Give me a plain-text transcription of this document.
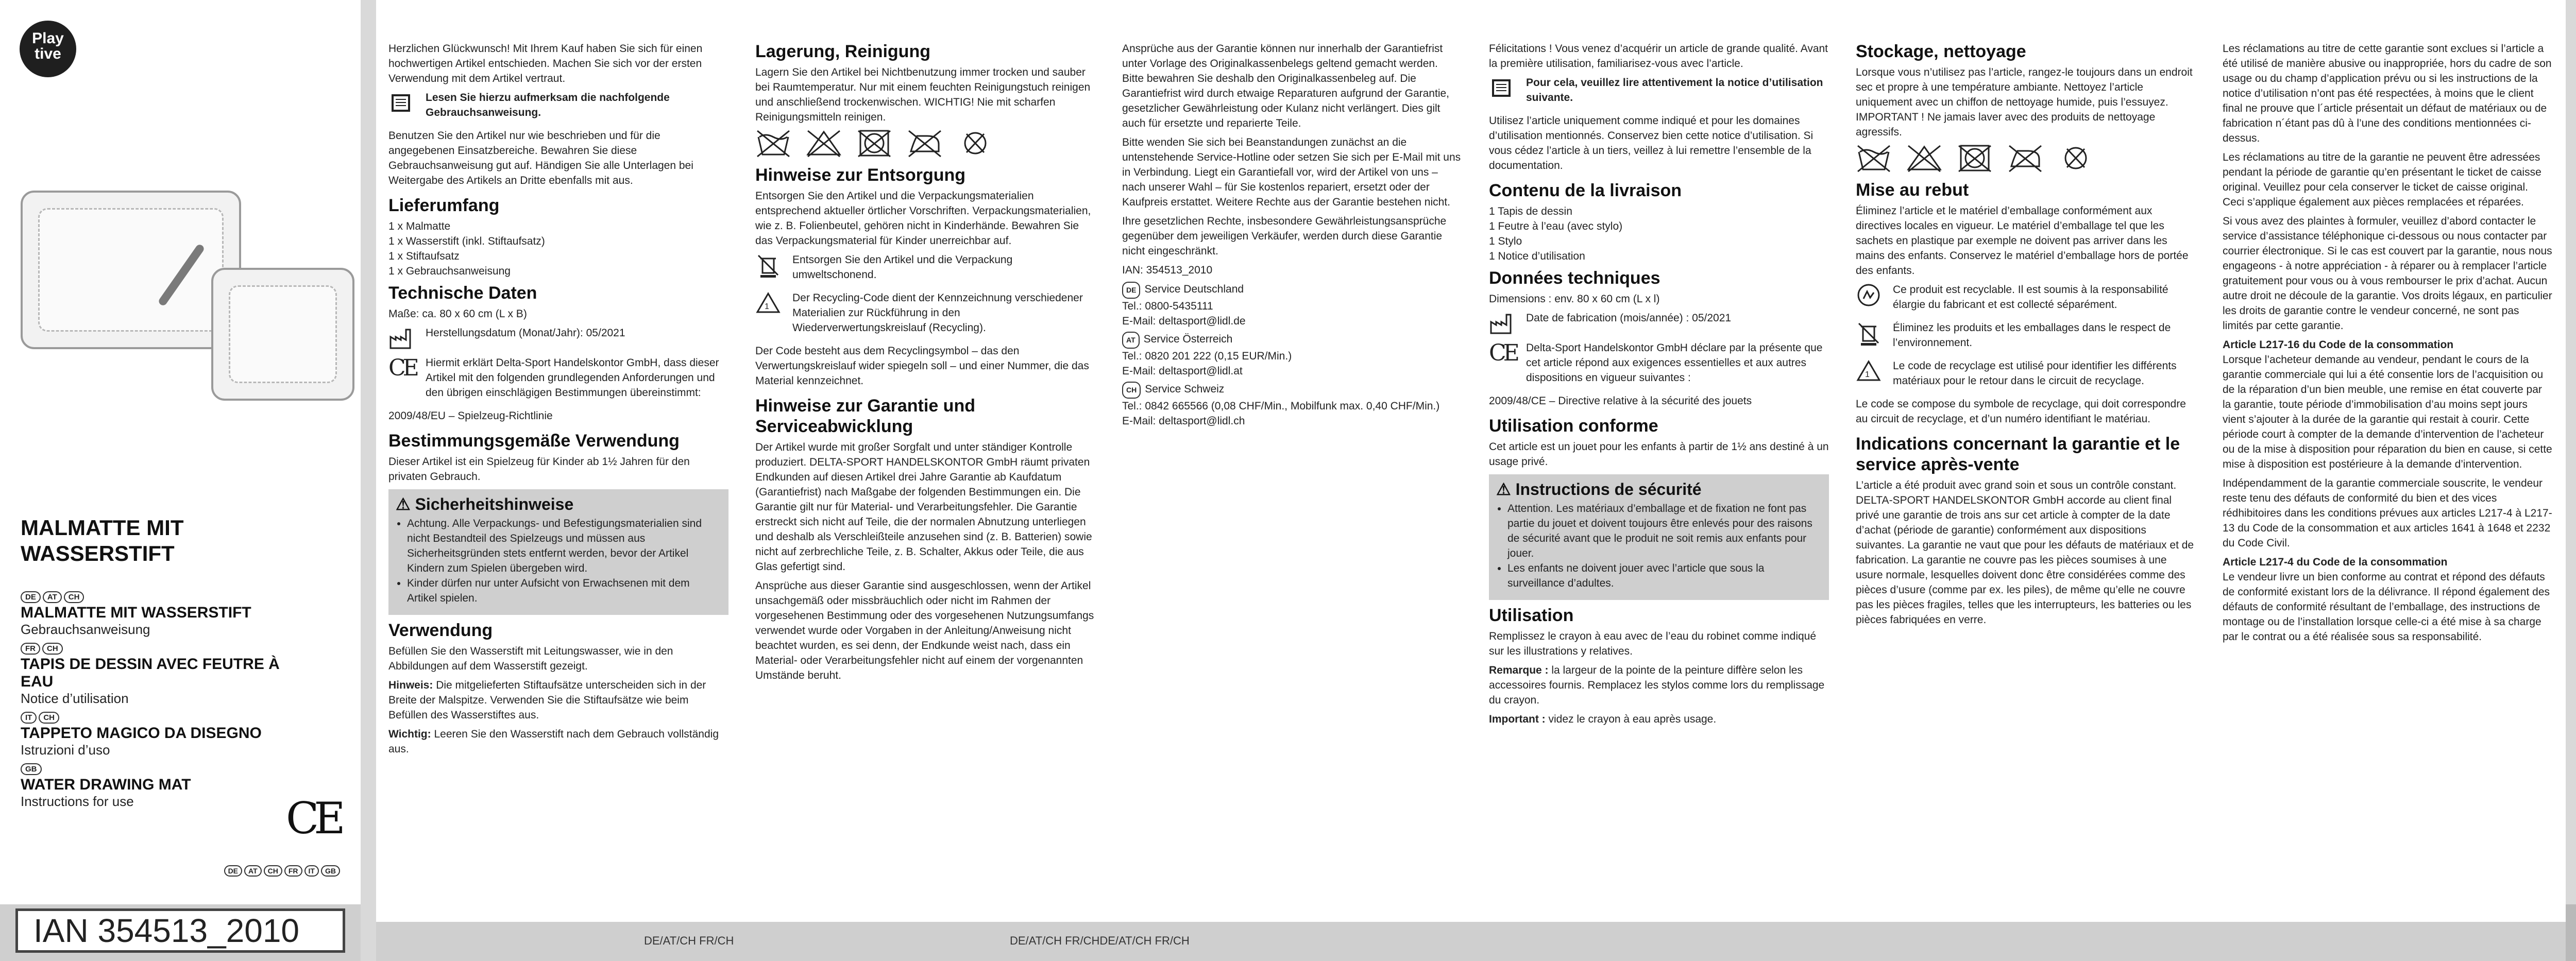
Play
tive
MALMATTE MIT
WASSERSTIFT
DE AT CH
MALMATTE MIT WASSERSTIFT
Gebrauchsanweisung
FR CH
TAPIS DE DESSIN AVEC FEUTRE À EAU
Notice d’utilisation
IT CH
TAPPETO MAGICO DA DISEGNO
Istruzioni d’uso
GB
WATER DRAWING MAT
Instructions for use	CE
DE AT CH FR IT GB
IAN 354513_2010	DE/AT/CH FR/CH	DE/AT/CH FR/CHDE/AT/CH FR/CH

Herzlichen Glückwunsch! Mit Ihrem Kauf haben Sie sich für einen hochwertigen Artikel entschieden. Machen Sie sich vor der ersten Verwendung mit dem Artikel vertraut.

Lesen Sie hierzu aufmerksam die nachfolgende Gebrauchsanweisung.

Benutzen Sie den Artikel nur wie beschrieben und für die angegebenen Einsatzbereiche. Bewahren Sie diese Gebrauchsanweisung gut auf. Händigen Sie alle Unterlagen bei Weitergabe des Artikels an Dritte ebenfalls mit aus.

Lieferumfang

1 x Malmatte

1 x Wasserstift (inkl. Stiftaufsatz)

1 x Stiftaufsatz

1 x Gebrauchsanweisung

Technische Daten

Maße: ca. 80 x 60 cm (L x B)

Herstellungsdatum (Monat/Jahr): 05/2021

CE Hiermit erklärt Delta-Sport Handelskontor GmbH, dass dieser Artikel mit den folgenden grundlegenden Anforderungen und den übrigen einschlägigen Bestimmungen übereinstimmt:

2009/48/EU – Spielzeug-Richtlinie

Bestimmungsgemäße Verwendung

Dieser Artikel ist ein Spielzeug für Kinder ab 1½ Jahren für den privaten Gebrauch.

⚠ Sicherheitshinweise
• Achtung. Alle Verpackungs- und Befestigungsmaterialien sind nicht Bestandteil des Spielzeugs und müssen aus Sicherheitsgründen stets entfernt werden, bevor der Artikel Kindern zum Spielen übergeben wird.
• Kinder dürfen nur unter Aufsicht von Erwachsenen mit dem Artikel spielen.
Verwendung

Befüllen Sie den Wasserstift mit Leitungswasser, wie in den Abbildungen auf dem Wasserstift gezeigt.

Hinweis: Die mitgelieferten Stiftaufsätze unterscheiden sich in der Breite der Malspitze. Verwenden Sie die Stiftaufsätze wie beim Befüllen des Wasserstiftes aus.

Wichtig: Leeren Sie den Wasserstift nach dem Gebrauch vollständig aus.

Lagerung, Reinigung

Lagern Sie den Artikel bei Nichtbenutzung immer trocken und sauber bei Raumtemperatur. Nur mit einem feuchten Reinigungstuch reinigen und anschließend trockenwischen. WICHTIG! Nie mit scharfen Reinigungsmitteln reinigen.

Hinweise zur Entsorgung

Entsorgen Sie den Artikel und die Verpackungsmaterialien entsprechend aktueller örtlicher Vorschriften. Verpackungsmaterialien, wie z. B. Folienbeutel, gehören nicht in Kinderhände. Bewahren Sie das Verpackungsmaterial für Kinder unerreichbar auf.

Entsorgen Sie den Artikel und die Verpackung umweltschonend.

1

Der Recycling-Code dient der Kennzeichnung verschiedener Materialien zur Rückführung in den Wiederverwertungskreislauf (Recycling).

Der Code besteht aus dem Recyclingsymbol – das den Verwertungskreislauf wider spiegeln soll – und einer Nummer, die das Material kennzeichnet.

Hinweise zur Garantie und Serviceabwicklung

Der Artikel wurde mit großer Sorgfalt und unter ständiger Kontrolle produziert. DELTA-SPORT HANDELSKONTOR GmbH räumt privaten Endkunden auf diesen Artikel drei Jahre Garantie ab Kaufdatum (Garantiefrist) nach Maßgabe der folgenden Bestimmungen ein. Die Garantie gilt nur für Material- und Verarbeitungsfehler. Die Garantie erstreckt sich nicht auf Teile, die der normalen Abnutzung unterliegen und deshalb als Verschleißteile anzusehen sind (z. B. Batterien) sowie nicht auf zerbrechliche Teile, z. B. Schalter, Akkus oder Teile, die aus Glas gefertigt sind.

Ansprüche aus dieser Garantie sind ausgeschlossen, wenn der Artikel unsachgemäß oder missbräuchlich oder nicht im Rahmen der vorgesehenen Bestimmung oder des vorgesehenen Nutzungsumfangs verwendet wurde oder Vorgaben in der Anleitung/Anweisung nicht beachtet wurden, es sei denn, der Endkunde weist nach, dass ein Material- oder Verarbeitungsfehler nicht auf einem der vorgenannten Umstände beruht.

Ansprüche aus der Garantie können nur innerhalb der Garantiefrist unter Vorlage des Originalkassenbelegs geltend gemacht werden. Bitte bewahren Sie deshalb den Originalkassenbeleg auf. Die Garantiefrist wird durch etwaige Reparaturen aufgrund der Garantie, gesetzlicher Gewährleistung oder Kulanz nicht verlängert. Dies gilt auch für ersetzte und reparierte Teile.

Bitte wenden Sie sich bei Beanstandungen zunächst an die untenstehende Service-Hotline oder setzen Sie sich per E-Mail mit uns in Verbindung. Liegt ein Garantiefall vor, wird der Artikel von uns – nach unserer Wahl – für Sie kostenlos repariert, ersetzt oder der Kaufpreis erstattet. Weitere Rechte aus der Garantie bestehen nicht.

Ihre gesetzlichen Rechte, insbesondere Gewährleistungsansprüche gegenüber dem jeweiligen Verkäufer, werden durch diese Garantie nicht eingeschränkt.

IAN: 354513_2010

DE Service Deutschland
Tel.: 0800-5435111
E-Mail: deltasport@lidl.de
AT Service Österreich
Tel.: 0820 201 222 (0,15 EUR/Min.)
E-Mail: deltasport@lidl.at
CH Service Schweiz
Tel.: 0842 665566 (0,08 CHF/Min., Mobilfunk max. 0,40 CHF/Min.)
E-Mail: deltasport@lidl.ch

Félicitations ! Vous venez d’acquérir un article de grande qualité. Avant la première utilisation, familiarisez-vous avec l’article.

Pour cela, veuillez lire attentivement la notice d’utilisation suivante.

Utilisez l’article uniquement comme indiqué et pour les domaines d’utilisation mentionnés. Conservez bien cette notice d’utilisation. Si vous cédez l’article à un tiers, veillez à lui remettre l’ensemble de la documentation.

Contenu de la livraison

1 Tapis de dessin

1 Feutre à l’eau (avec stylo)

1 Stylo

1 Notice d’utilisation

Données techniques

Dimensions : env. 80 x 60 cm (L x l)

Date de fabrication (mois/année) : 05/2021

CE Delta-Sport Handelskontor GmbH déclare par la présente que cet article répond aux exigences essentielles et aux autres dispositions en vigueur suivantes :

2009/48/CE – Directive relative à la sécurité des jouets

Utilisation conforme

Cet article est un jouet pour les enfants à partir de 1½ ans destiné à un usage privé.

⚠ Instructions de sécurité
• Attention. Les matériaux d’emballage et de fixation ne font pas partie du jouet et doivent toujours être enlevés pour des raisons de sécurité avant que le produit ne soit remis aux enfants pour jouer.
• Les enfants ne doivent jouer avec l’article que sous la surveillance d’adultes.
Utilisation

Remplissez le crayon à eau avec de l’eau du robinet comme indiqué sur les illustrations y relatives.

Remarque : la largeur de la pointe de la peinture diffère selon les accessoires fournis. Remplacez les stylos comme lors du remplissage du crayon.

Important : videz le crayon à eau après usage.

Stockage, nettoyage

Lorsque vous n’utilisez pas l’article, rangez-le toujours dans un endroit sec et propre à une température ambiante. Nettoyez l’article uniquement avec un chiffon de nettoyage humide, puis l’essuyez. IMPORTANT ! Ne jamais laver avec des produits de nettoyage agressifs.

Mise au rebut

Éliminez l’article et le matériel d’emballage conformément aux directives locales en vigueur. Le matériel d’emballage tel que les sachets en plastique par exemple ne doivent pas arriver dans les mains des enfants. Conservez le matériel d’emballage hors de portée des enfants.

Ce produit est recyclable. Il est soumis à la responsabilité élargie du fabricant et est collecté séparément.

Éliminez les produits et les emballages dans le respect de l’environnement.

1

Le code de recyclage est utilisé pour identifier les différents matériaux pour le retour dans le circuit de recyclage.

Le code se compose du symbole de recyclage, qui doit correspondre au circuit de recyclage, et d’un numéro identifiant le matériau.

Indications concernant la garantie et le service après-vente

L’article a été produit avec grand soin et sous un contrôle constant. DELTA-SPORT HANDELSKONTOR GmbH accorde au client final privé une garantie de trois ans sur cet article à compter de la date d’achat (période de garantie) conformément aux dispositions suivantes. La garantie ne vaut que pour les défauts de matériaux et de fabrication. La garantie ne couvre pas les pièces soumises à une usure normale, lesquelles doivent donc être considérées comme des pièces d’usure (comme par ex. les piles), de même qu’elle ne couvre pas les pièces fragiles, telles que les interrupteurs, les batteries ou les pièces fabriquées en verre.

Les réclamations au titre de cette garantie sont exclues si l’article a été utilisé de manière abusive ou inappropriée, hors du cadre de son usage ou du champ d’application prévu ou si les instructions de la notice d’utilisation n’ont pas été respectées, à moins que le client final ne prouve que l´article présentait un défaut de matériaux ou de fabrication n´étant pas dû à l’une des conditions mentionnées ci-dessus.

Les réclamations au titre de la garantie ne peuvent être adressées pendant la période de garantie qu’en présentant le ticket de caisse original. Veuillez pour cela conserver le ticket de caisse original. Ceci s’applique également aux pièces remplacées et réparées.

Si vous avez des plaintes à formuler, veuillez d’abord contacter le service d’assistance téléphonique ci-dessous ou nous contacter par courrier électronique. Si le cas est couvert par la garantie, nous nous engageons - à notre appréciation - à réparer ou à remplacer l’article gratuitement pour vous ou à vous rembourser le prix d’achat. Aucun autre droit ne découle de la garantie. Vos droits légaux, en particulier les droits de garantie contre le vendeur concerné, ne sont pas limités par cette garantie.

Article L217-16 du Code de la consommation

Lorsque l’acheteur demande au vendeur, pendant le cours de la garantie commerciale qui lui a été consentie lors de l’acquisition ou de la réparation d’un bien meuble, une remise en état couverte par la garantie, toute période d’immobilisation d’au moins sept jours vient s’ajouter à la durée de la garantie qui restait à courir. Cette période court à compter de la demande d’intervention de l’acheteur ou de la mise à disposition pour réparation du bien en cause, si cette mise à disposition est postérieure à la demande d’intervention.

Indépendamment de la garantie commerciale souscrite, le vendeur reste tenu des défauts de conformité du bien et des vices rédhibitoires dans les conditions prévues aux articles L217-4 à L217-13 du Code de la consommation et aux articles 1641 à 1648 et 2232 du Code Civil.

Article L217-4 du Code de la consommation

Le vendeur livre un bien conforme au contrat et répond des défauts de conformité existant lors de la délivrance. Il répond également des défauts de conformité résultant de l’emballage, des instructions de montage ou de l’installation lorsque celle-ci a été mise à sa charge par le contrat ou a été réalisée sous sa responsabilité.
